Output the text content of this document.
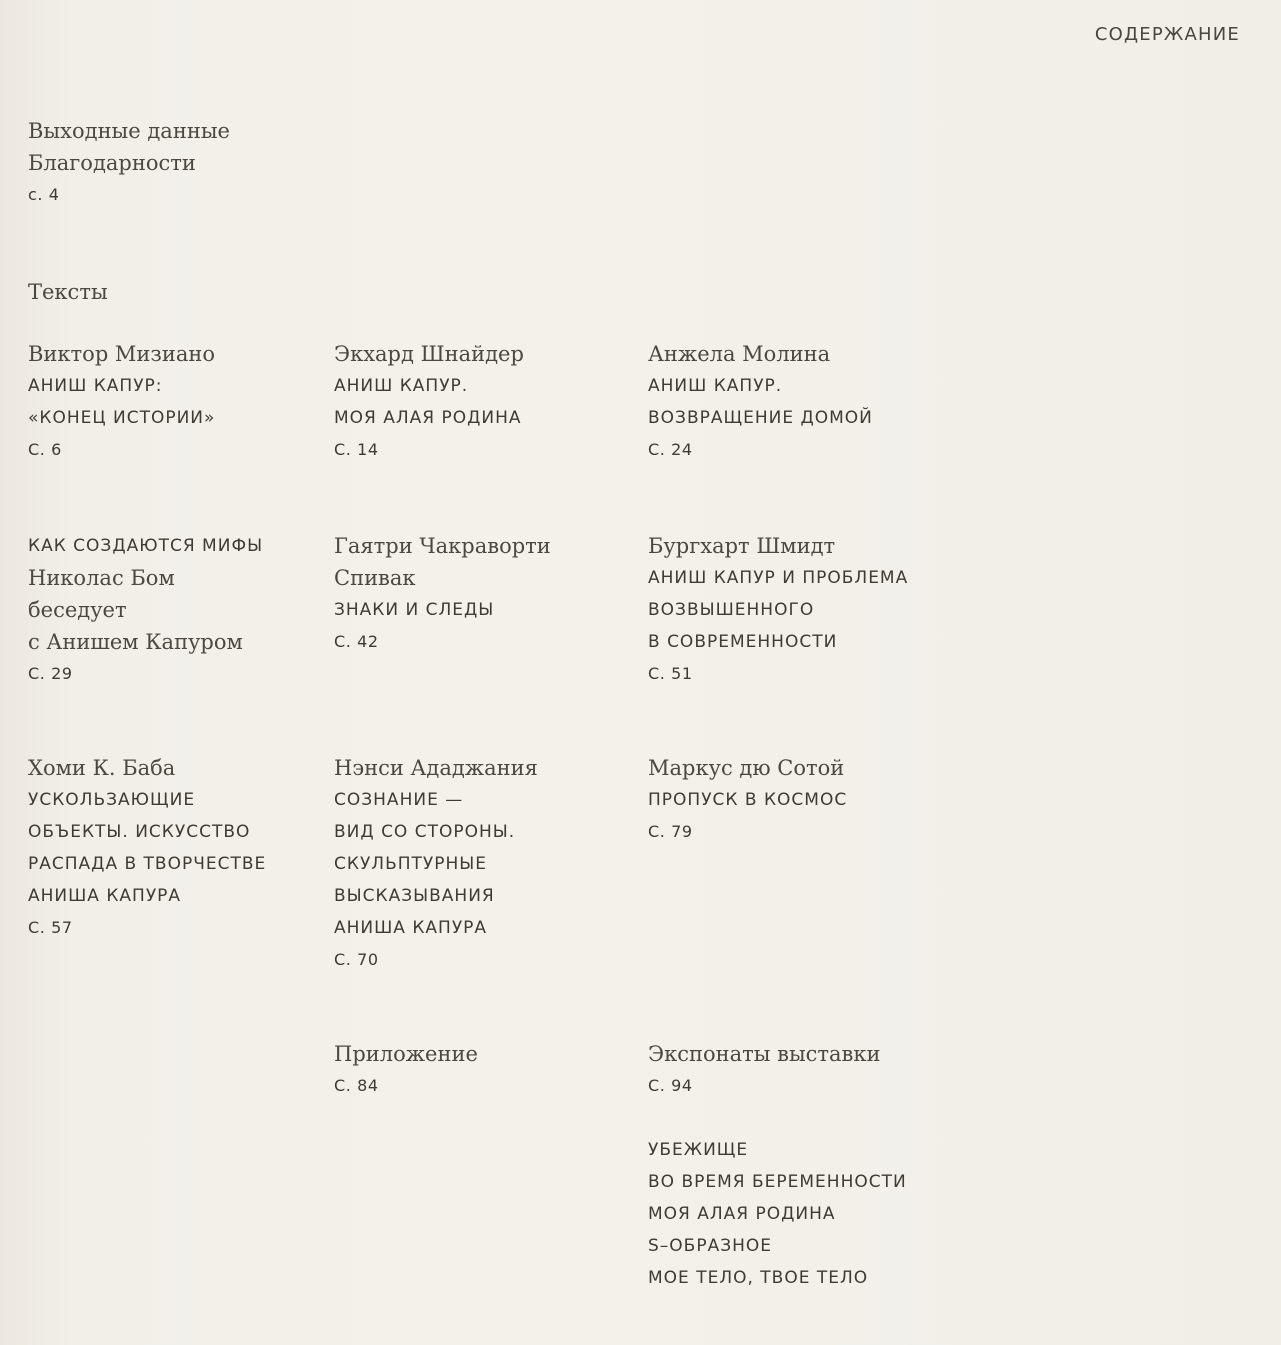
СОДЕРЖАНИЕ
Выходные данные
Благодарности
с. 4
Тексты
Виктор Мизиано
АНИШ КАПУР:
«КОНЕЦ ИСТОРИИ»
С. 6
Экхард Шнайдер
АНИШ КАПУР.
МОЯ АЛАЯ РОДИНА
С. 14
Анжела Молина
АНИШ КАПУР.
ВОЗВРАЩЕНИЕ ДОМОЙ
С. 24
КАК СОЗДАЮТСЯ МИФЫ
Николас Бом
беседует
с Анишем Капуром
С. 29
Гаятри Чакраворти
Спивак
ЗНАКИ И СЛЕДЫ
С. 42
Бургхарт Шмидт
АНИШ КАПУР И ПРОБЛЕМА
ВОЗВЫШЕННОГО
В СОВРЕМЕННОСТИ
С. 51
Хоми К. Баба
УСКОЛЬЗАЮЩИЕ
ОБЪЕКТЫ. ИСКУССТВО
РАСПАДА В ТВОРЧЕСТВЕ
АНИША КАПУРА
С. 57
Нэнси Ададжания
СОЗНАНИЕ —
ВИД СО СТОРОНЫ.
СКУЛЬПТУРНЫЕ
ВЫСКАЗЫВАНИЯ
АНИША КАПУРА
С. 70
Маркус дю Сотой
ПРОПУСК В КОСМОС
С. 79
Приложение
С. 84
Экспонаты выставки
С. 94
УБЕЖИЩЕ
ВО ВРЕМЯ БЕРЕМЕННОСТИ
МОЯ АЛАЯ РОДИНА
S–ОБРАЗНОЕ
МОЕ ТЕЛО, ТВОЕ ТЕЛО
